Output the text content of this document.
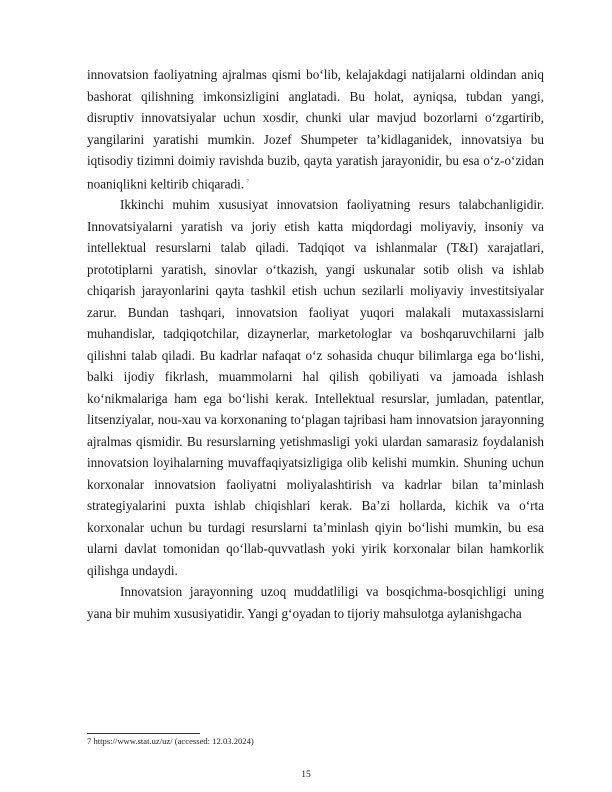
innovatsion faoliyatning ajralmas qismi bo‘lib, kelajakdagi natijalarni oldindan aniq bashorat qilishning imkonsizligini anglatadi. Bu holat, ayniqsa, tubdan yangi, disruptiv innovatsiyalar uchun xosdir, chunki ular mavjud bozorlarni o‘zgartirib, yangilarini yaratishi mumkin. Jozef Shumpeter ta’kidlaganidek, innovatsiya bu iqtisodiy tizimni doimiy ravishda buzib, qayta yaratish jarayonidir, bu esa o‘z-o‘zidan noaniqlikni keltirib chiqaradi. $^7$

Ikkinchi muhim xususiyat innovatsion faoliyatning resurs talabchanligidir. Innovatsiyalarni yaratish va joriy etish katta miqdordagi moliyaviy, insoniy va intellektual resurslarni talab qiladi. Tadqiqot va ishlanmalar (T&I) xarajatlari, prototiplarni yaratish, sinovlar o‘tkazish, yangi uskunalar sotib olish va ishlab chiqarish jarayonlarini qayta tashkil etish uchun sezilarli moliyaviy investitsiyalar zarur. Bundan tashqari, innovatsion faoliyat yuqori malakali mutaxassislarni muhandislar, tadqiqotchilar, dizaynerlar, marketologlar va boshqaruvchilarni jalb qilishni talab qiladi. Bu kadrlar nafaqat o‘z sohasida chuqur bilimlarga ega bo‘lishi, balki ijodiy fikrlash, muammolarni hal qilish qobiliyati va jamoada ishlash ko‘nikmalariga ham ega bo‘lishi kerak. Intellektual resurslar, jumladan, patentlar, litsenziyalar, nou-xau va korxonaning to‘plagan tajribasi ham innovatsion jarayonning ajralmas qismidir. Bu resurslarning yetishmasligi yoki ulardan samarasiz foydalanish innovatsion loyihalarning muvaffaqiyatsizligiga olib kelishi mumkin. Shuning uchun korxonalar innovatsion faoliyatni moliyalashtirish va kadrlar bilan ta’minlash strategiyalarini puxta ishlab chiqishlari kerak. Ba’zi hollarda, kichik va o‘rta korxonalar uchun bu turdagi resurslarni ta’minlash qiyin bo‘lishi mumkin, bu esa ularni davlat tomonidan qo‘llab-quvvatlash yoki yirik korxonalar bilan hamkorlik qilishga undaydi.

Innovatsion jarayonning uzoq muddatliligi va bosqichma-bosqichligi uning yana bir muhim xususiyatidir. Yangi g‘oyadan to tijoriy mahsulotga aylanishgacha

7 https://www.stat.uz/uz/ (accessed: 12.03.2024)
15
